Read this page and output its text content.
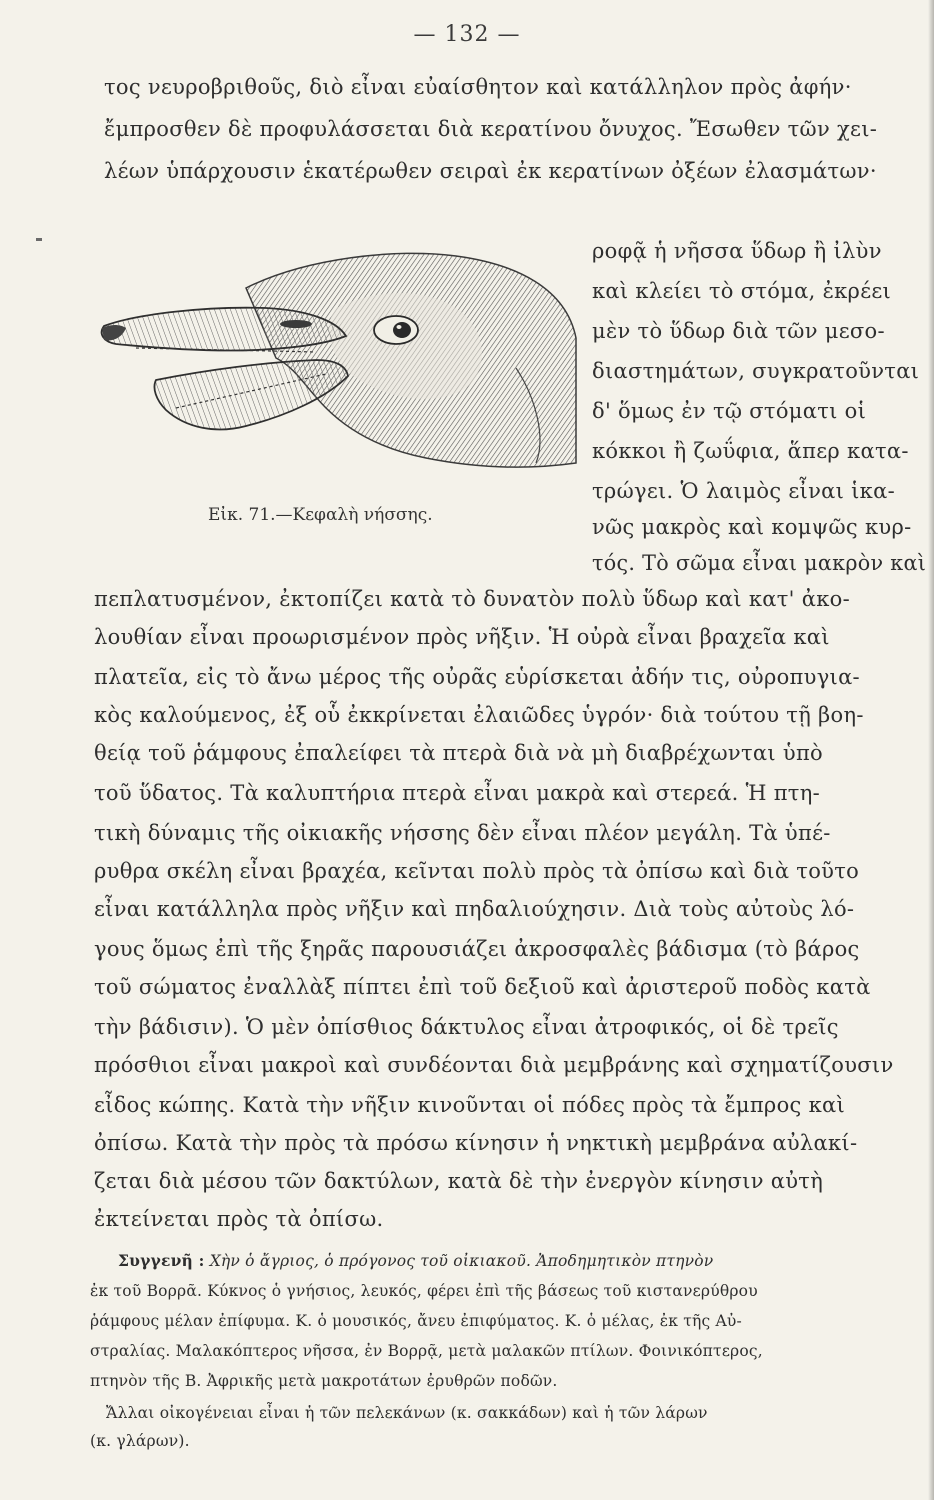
— 132 —
τος νευροβριθοῦς, διὸ εἶναι εὐαίσθητον καὶ κατάλληλον πρὸς ἀφήν·
ἔμπροσθεν δὲ προφυλάσσεται διὰ κερατίνου ὄνυχος. Ἔσωθεν τῶν χει-
λέων ὑπάρχουσιν ἑκατέρωθεν σειραὶ ἐκ κερατίνων ὀξέων ἐλασμάτων·
Εἰκ. 71.—Κεφαλὴ νήσσης.
ροφᾷ ἡ νῆσσα ὕδωρ ἢ ἰλὺν
καὶ κλείει τὸ στόμα, ἐκρέει
μὲν τὸ ὕδωρ διὰ τῶν μεσο-
διαστημάτων, συγκρατοῦνται
δ' ὅμως ἐν τῷ στόματι οἱ
κόκκοι ἢ ζωΰφια, ἅπερ κατα-
τρώγει. Ὁ λαιμὸς εἶναι ἱκα-
νῶς μακρὸς καὶ κομψῶς κυρ-
τός. Τὸ σῶμα εἶναι μακρὸν καὶ
πεπλατυσμένον, ἐκτοπίζει κατὰ τὸ δυνατὸν πολὺ ὕδωρ καὶ κατ' ἀκο-
λουθίαν εἶναι προωρισμένον πρὸς νῆξιν. Ἡ οὐρὰ εἶναι βραχεῖα καὶ
πλατεῖα, εἰς τὸ ἄνω μέρος τῆς οὐρᾶς εὑρίσκεται ἀδήν τις, οὐροπυγια-
κὸς καλούμενος, ἐξ οὗ ἐκκρίνεται ἐλαιῶδες ὑγρόν· διὰ τούτου τῇ βοη-
θείᾳ τοῦ ῥάμφους ἐπαλείφει τὰ πτερὰ διὰ νὰ μὴ διαβρέχωνται ὑπὸ
τοῦ ὕδατος. Τὰ καλυπτήρια πτερὰ εἶναι μακρὰ καὶ στερεά. Ἡ πτη-
τικὴ δύναμις τῆς οἰκιακῆς νήσσης δὲν εἶναι πλέον μεγάλη. Τὰ ὑπέ-
ρυθρα σκέλη εἶναι βραχέα, κεῖνται πολὺ πρὸς τὰ ὀπίσω καὶ διὰ τοῦτο
εἶναι κατάλληλα πρὸς νῆξιν καὶ πηδαλιούχησιν. Διὰ τοὺς αὐτοὺς λό-
γους ὅμως ἐπὶ τῆς ξηρᾶς παρουσιάζει ἀκροσφαλὲς βάδισμα (τὸ βάρος
τοῦ σώματος ἐναλλὰξ πίπτει ἐπὶ τοῦ δεξιοῦ καὶ ἀριστεροῦ ποδὸς κατὰ
τὴν βάδισιν). Ὁ μὲν ὀπίσθιος δάκτυλος εἶναι ἀτροφικός, οἱ δὲ τρεῖς
πρόσθιοι εἶναι μακροὶ καὶ συνδέονται διὰ μεμβράνης καὶ σχηματίζουσιν
εἶδος κώπης. Κατὰ τὴν νῆξιν κινοῦνται οἱ πόδες πρὸς τὰ ἔμπρος καὶ
ὀπίσω. Κατὰ τὴν πρὸς τὰ πρόσω κίνησιν ἡ νηκτικὴ μεμβράνα αὐλακί-
ζεται διὰ μέσου τῶν δακτύλων, κατὰ δὲ τὴν ἐνεργὸν κίνησιν αὐτὴ
ἐκτείνεται πρὸς τὰ ὀπίσω.
Συγγενῆ : Χὴν ὁ ἄγριος, ὁ πρόγονος τοῦ οἰκιακοῦ. Ἀποδημητικὸν πτηνὸν
ἐκ τοῦ Βορρᾶ. Κύκνος ὁ γνήσιος, λευκός, φέρει ἐπὶ τῆς βάσεως τοῦ κιστανερύθρου
ῥάμφους μέλαν ἐπίφυμα. Κ. ὁ μουσικός, ἄνευ ἐπιφύματος. Κ. ὁ μέλας, ἐκ τῆς Αὐ-
στραλίας. Μαλακόπτερος νῆσσα, ἐν Βορρᾷ, μετὰ μαλακῶν πτίλων. Φοινικόπτερος,
πτηνὸν τῆς Β. Ἀφρικῆς μετὰ μακροτάτων ἐρυθρῶν ποδῶν.
Ἄλλαι οἰκογένειαι εἶναι ἡ τῶν πελεκάνων (κ. σακκάδων) καὶ ἡ τῶν λάρων
(κ. γλάρων).
